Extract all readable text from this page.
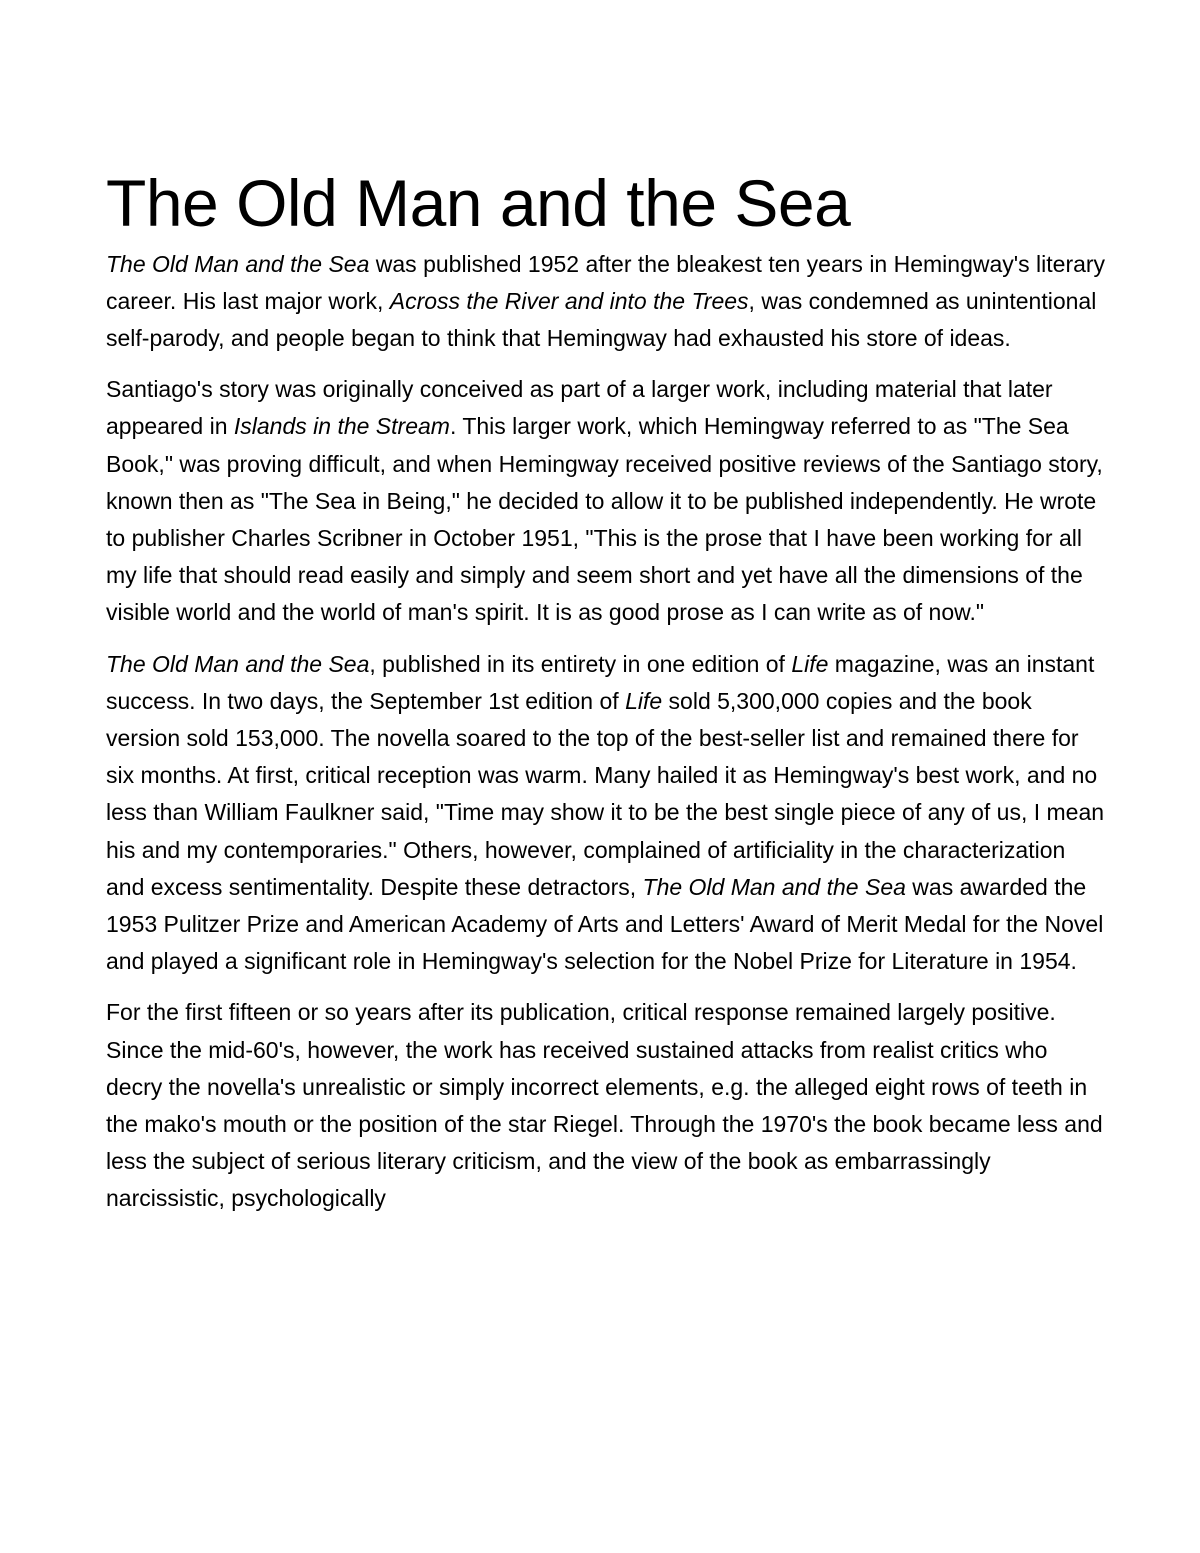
The Old Man and the Sea

The Old Man and the Sea was published 1952 after the bleakest ten years in Hemingway's literary career. His last major work, Across the River and into the Trees, was condemned as unintentional self-parody, and people began to think that Hemingway had exhausted his store of ideas.

Santiago's story was originally conceived as part of a larger work, including material that later appeared in Islands in the Stream. This larger work, which Hemingway referred to as "The Sea Book," was proving difficult, and when Hemingway received positive reviews of the Santiago story, known then as "The Sea in Being," he decided to allow it to be published independently. He wrote to publisher Charles Scribner in October 1951, "This is the prose that I have been working for all my life that should read easily and simply and seem short and yet have all the dimensions of the visible world and the world of man's spirit. It is as good prose as I can write as of now."

The Old Man and the Sea, published in its entirety in one edition of Life magazine, was an instant success. In two days, the September 1st edition of Life sold 5,300,000 copies and the book version sold 153,000. The novella soared to the top of the best-seller list and remained there for six months. At first, critical reception was warm. Many hailed it as Hemingway's best work, and no less than William Faulkner said, "Time may show it to be the best single piece of any of us, I mean his and my contemporaries." Others, however, complained of artificiality in the characterization and excess sentimentality. Despite these detractors, The Old Man and the Sea was awarded the 1953 Pulitzer Prize and American Academy of Arts and Letters' Award of Merit Medal for the Novel and played a significant role in Hemingway's selection for the Nobel Prize for Literature in 1954.

For the first fifteen or so years after its publication, critical response remained largely positive. Since the mid-60's, however, the work has received sustained attacks from realist critics who decry the novella's unrealistic or simply incorrect elements, e.g. the alleged eight rows of teeth in the mako's mouth or the position of the star Riegel. Through the 1970's the book became less and less the subject of serious literary criticism, and the view of the book as embarrassingly narcissistic, psychologically
